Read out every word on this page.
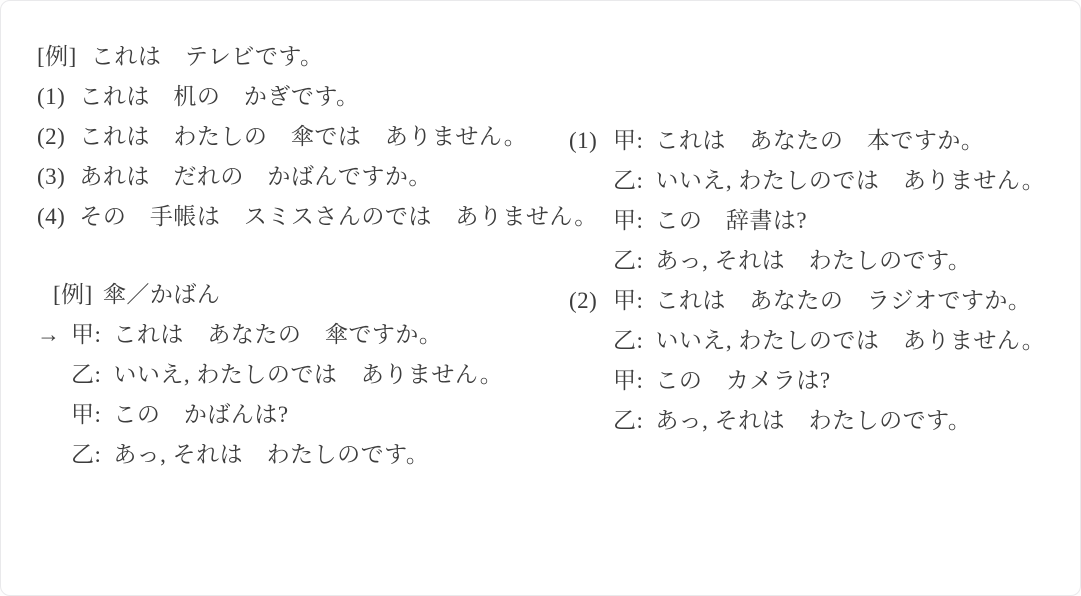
[例] これは　テレビです。
(1) これは　机の　かぎです。
(2) これは　わたしの　傘では　ありません。
(3) あれは　だれの　かばんですか。
(4) その　手帳は　スミスさんのでは　ありません。
[例] 傘／かばん
→ 甲: これは　あなたの　傘ですか。
乙: いいえ, わたしのでは　ありません。
甲: この　かばんは?
乙: あっ, それは　わたしのです。
(1) 甲: これは　あなたの　本ですか。
乙: いいえ, わたしのでは　ありません。
甲: この　辞書は?
乙: あっ, それは　わたしのです。
(2) 甲: これは　あなたの　ラジオですか。
乙: いいえ, わたしのでは　ありません。
甲: この　カメラは?
乙: あっ, それは　わたしのです。
